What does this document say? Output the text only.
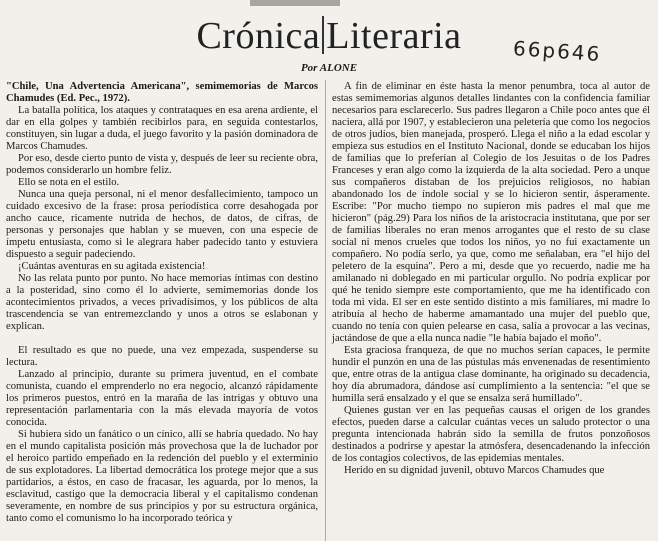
Crónica Literaria
Por ALONE
66p646

"Chile, Una Advertencia Americana", semimemorias de Marcos Chamudes (Ed. Pec., 1972).

La batalla política, los ataques y contrataques en esa arena ardiente, el dar en ella golpes y también recibirlos para, en seguida contestarlos, constituyen, sin lugar a duda, el juego favorito y la pasión dominadora de Marcos Chamudes.

Por eso, desde cierto punto de vista y, después de leer su reciente obra, podemos considerarlo un hombre feliz.

Ello se nota en el estilo.

Nunca una queja personal, ni el menor desfallecimiento, tampoco un cuidado excesivo de la frase: prosa periodística corre desahogada por ancho cauce, ricamente nutrida de hechos, de datos, de cifras, de personas y personajes que hablan y se mueven, con una especie de ímpetu entusiasta, como si le alegrara haber padecido tanto y estuviera dispuesto a seguir padeciendo.

¡Cuántas aventuras en su agitada existencia!

No las relata punto por punto. No hace memorias íntimas con destino a la posteridad, sino como él lo advierte, semimemorias donde los acontecimientos privados, a veces privadísimos, y los públicos de alta trascendencia se van entremezclando y unos a otros se eslabonan y explican.

El resultado es que no puede, una vez empezada, suspenderse su lectura.

Lanzado al principio, durante su primera juventud, en el combate comunista, cuando el emprenderlo no era negocio, alcanzó rápidamente los primeros puestos, entró en la maraña de las intrigas y obtuvo una representación parlamentaria con la más elevada mayoría de votos conocida.

Si hubiera sido un fanático o un cínico, allí se habría quedado. No hay en el mundo capitalista posición más provechosa que la de luchador por el heroico partido empeñado en la redención del pueblo y el exterminio de sus explotadores. La libertad democrática los protege mejor que a sus partidarios, a éstos, en caso de fracasar, les aguarda, por lo menos, la esclavitud, castigo que la democracia liberal y el capitalismo condenan severamente, en nombre de sus principios y por su estructura orgánica, tanto como el comunismo lo ha incorporado teórica y

A fin de eliminar en éste hasta la menor penumbra, toca al autor de estas semimemorias algunos detalles lindantes con la confidencia familiar necesarios para esclarecerlo. Sus padres llegaron a Chile poco antes que él naciera, allá por 1907, y establecieron una peletería que como los negocios de otros judíos, bien manejada, prosperó. Llega el niño a la edad escolar y empieza sus estudios en el Instituto Nacional, donde se educaban los hijos de familias que lo preferían al Colegio de los Jesuitas o de los Padres Franceses y eran algo como la izquierda de la alta sociedad. Pero a unque sus compañeros distaban de los prejuicios religiosos, no habían abandonado los de índole social y se lo hicieron sentir, ásperamente. Escribe: "Por mucho tiempo no supieron mis padres el mal que me hicieron" (pág.29) Para los niños de la aristocracia institutana, que por ser de familias liberales no eran menos arrogantes que el resto de su clase social ni menos crueles que todos los niños, yo no fui exactamente un compañero. No podía serlo, ya que, como me señalaban, era "el hijo del peletero de la esquina". Pero a mi, desde que yo recuerdo, nadie me ha amilanado ni doblegado en mi particular orgullo. No podría explicar por qué he tenido siempre este comportamiento, que me ha identificado con toda mi vida. El ser en este sentido distinto a mis familiares, mi madre lo atribuía al hecho de haberme amamantado una mujer del pueblo que, cuando no tenía con quien pelearse en casa, salía a provocar a las vecinas, jactándose de que a ella nunca nadie "le había bajado el moño".

Esta graciosa franqueza, de que no muchos serían capaces, le permite hundir el punzón en una de las pústulas más envenenadas de resentimiento que, entre otras de la antigua clase dominante, ha originado su decadencia, hoy día abrumadora, dándose así cumplimiento a la sentencia: "el que se humilla será ensalzado y el que se ensalza será humillado".

Quienes gustan ver en las pequeñas causas el origen de los grandes efectos, pueden darse a calcular cuántas veces un saludo protector o una pregunta intencionada habrán sido la semilla de frutos ponzoñosos destinados a podrirse y apestar la atmósfera, desencadenando la infección de los contagios colectivos, de las epidemias mentales.

Herido en su dignidad juvenil, obtuvo Marcos Chamudes que
